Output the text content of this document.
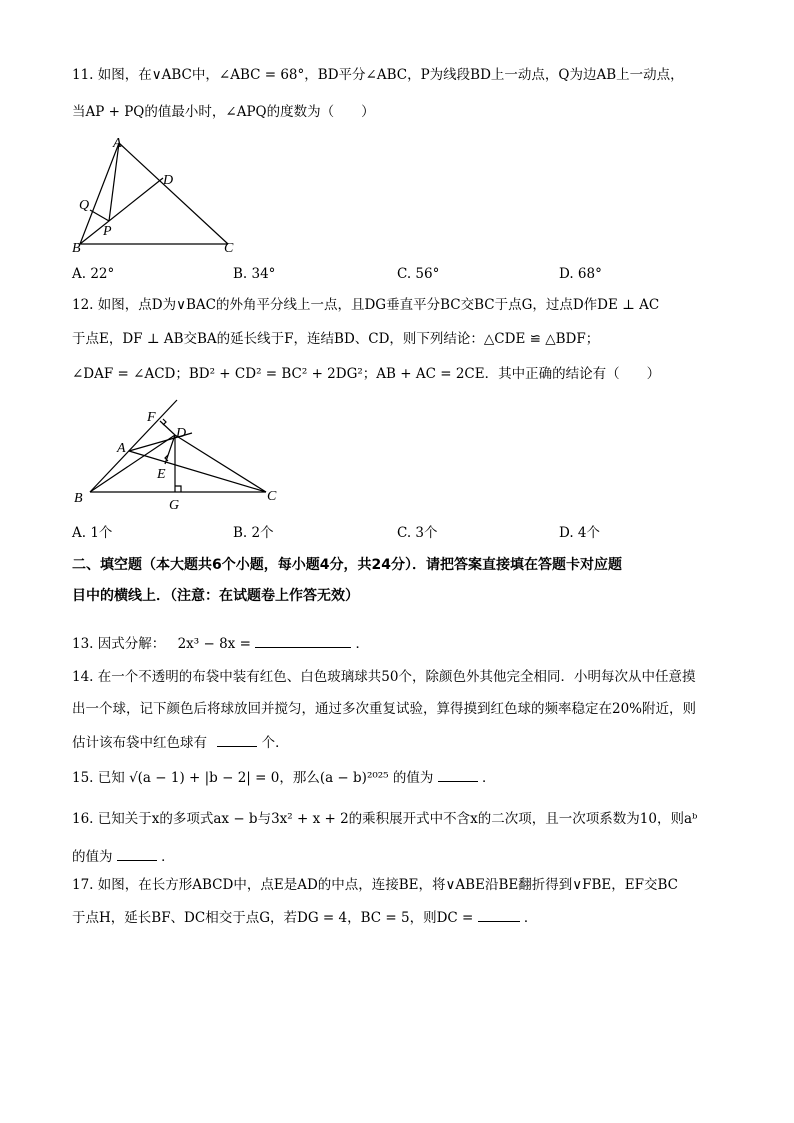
11. 如图，在∨ABC中，∠ABC = 68°，BD平分∠ABC，P为线段BD上一动点，Q为边AB上一动点，
当AP + PQ的值最小时，∠APQ的度数为（　　）
A
B	C
D
P
Q
A. 22°	B. 34°	C. 56°	D. 68°
12. 如图，点D为∨BAC的外角平分线上一点，且DG垂直平分BC交BC于点G，过点D作DE ⊥ AC
于点E，DF ⊥ AB交BA的延长线于F，连结BD、CD，则下列结论：△CDE ≌ △BDF；
∠DAF = ∠ACD；BD² + CD² = BC² + 2DG²；AB + AC = 2CE．其中正确的结论有（　　）
F
A
D
E
B	G
C
A. 1个	B. 2个	C. 3个	D. 4个
二、填空题（本大题共6个小题，每小题4分，共24分）．请把答案直接填在答题卡对应题
目中的横线上．（注意：在试题卷上作答无效）
13. 因式分解： 2x³ − 8x =	．
14. 在一个不透明的布袋中装有红色、白色玻璃球共50个，除颜色外其他完全相同．小明每次从中任意摸
出一个球，记下颜色后将球放回并搅匀，通过多次重复试验，算得摸到红色球的频率稳定在20%附近，则
估计该布袋中红色球有	个．
15. 已知 √(a − 1) + |b − 2| = 0，那么(a − b)²⁰²⁵ 的值为	．
16. 已知关于x的多项式ax − b与3x² + x + 2的乘积展开式中不含x的二次项，且一次项系数为10，则aᵇ
的值为	．
17. 如图，在长方形ABCD中，点E是AD的中点，连接BE，将∨ABE沿BE翻折得到∨FBE，EF交BC
于点H，延长BF、DC相交于点G，若DG = 4，BC = 5，则DC =	．
